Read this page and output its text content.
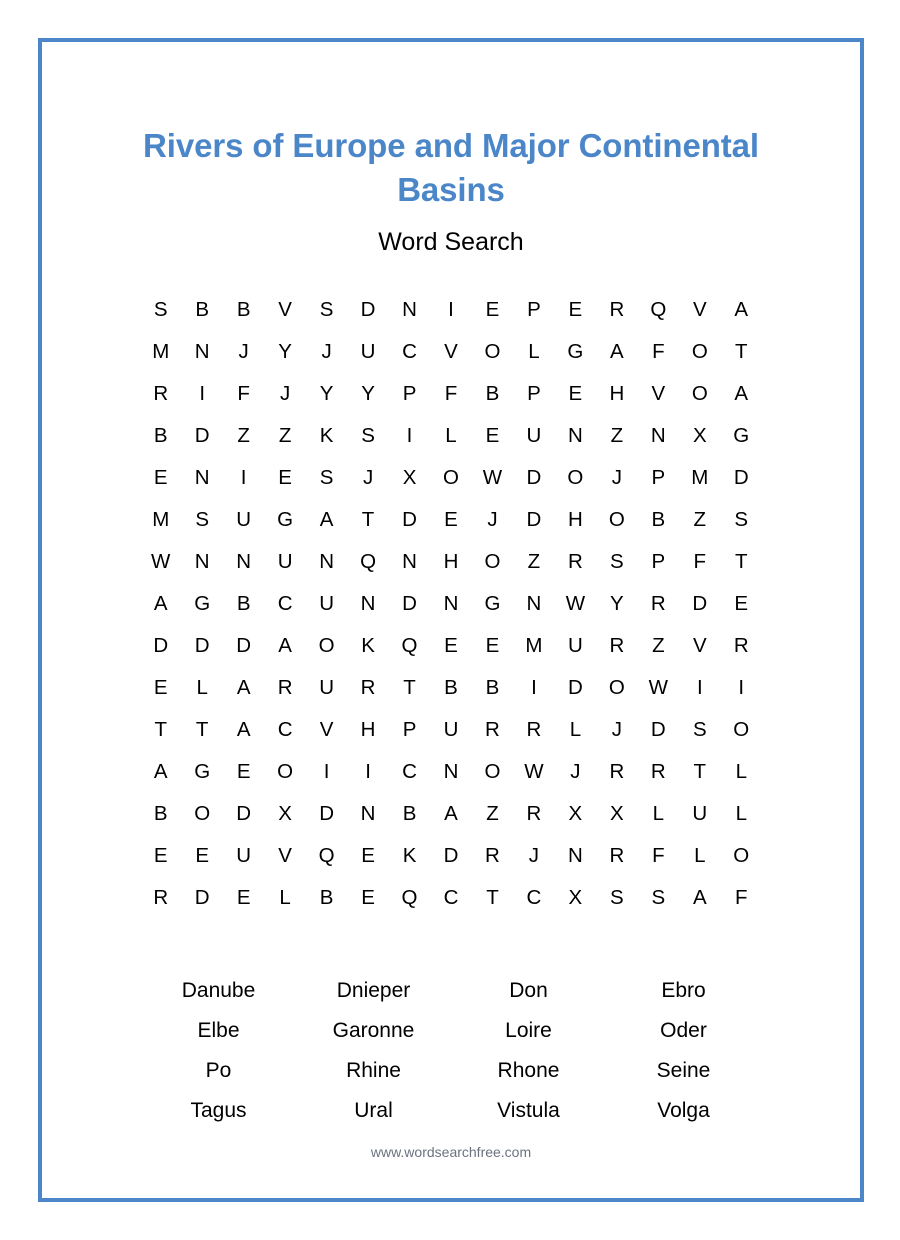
Rivers of Europe and Major Continental Basins
Word Search
S B B V S D N I E P E R Q V A
M N J Y J U C V O L G A F O T
R I F J Y Y P F B P E H V O A
B D Z Z K S I L E U N Z N X G
E N I E S J X O W D O J P M D
M S U G A T D E J D H O B Z S
W N N U N Q N H O Z R S P F T
A G B C U N D N G N W Y R D E
D D D A O K Q E E M U R Z V R
E L A R U R T B B I D O W I I
T T A C V H P U R R L J D S O
A G E O I I C N O W J R R T L
B O D X D N B A Z R X X L U L
E E U V Q E K D R J N R F L O
R D E L B E Q C T C X S S A F
Danube	Dnieper	Don	Ebro
Elbe	Garonne	Loire	Oder
Po	Rhine	Rhone	Seine
Tagus	Ural	Vistula	Volga
www.wordsearchfree.com
